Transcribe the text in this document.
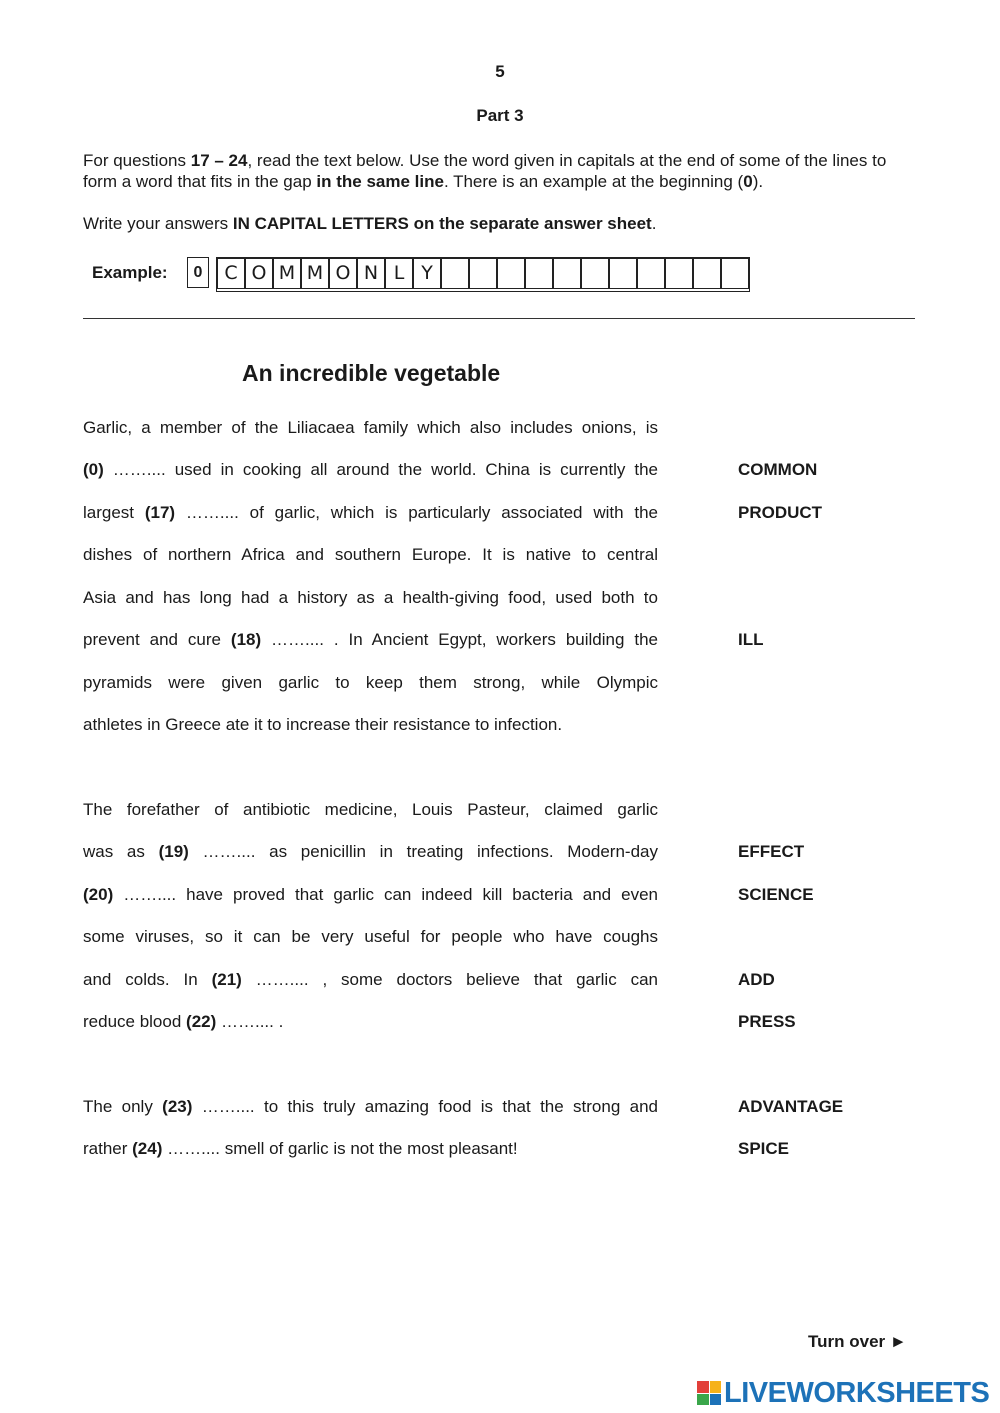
5
Part 3
For questions 17 – 24, read the text below. Use the word given in capitals at the end of some of the lines to form a word that fits in the gap in the same line. There is an example at the beginning (0).
Write your answers IN CAPITAL LETTERS on the separate answer sheet.
Example:	0	C O M M O N L Y
An incredible vegetable
Garlic, a member of the Liliacaea family which also includes onions, is
(0) …….... used in cooking all around the world. China is currently the
largest (17) …….... of garlic, which is particularly associated with the
dishes of northern Africa and southern Europe. It is native to central
Asia and has long had a history as a health-giving food, used both to
prevent and cure (18) …….... . In Ancient Egypt, workers building the
pyramids were given garlic to keep them strong, while Olympic
athletes in Greece ate it to increase their resistance to infection.
The forefather of antibiotic medicine, Louis Pasteur, claimed garlic
was as (19) …….... as penicillin in treating infections. Modern-day
(20) …….... have proved that garlic can indeed kill bacteria and even
some viruses, so it can be very useful for people who have coughs
and colds. In (21) …….... , some doctors believe that garlic can
reduce blood (22) …….... .
The only (23) …….... to this truly amazing food is that the strong and
rather (24) …….... smell of garlic is not the most pleasant!
COMMON
PRODUCT
ILL
EFFECT
SCIENCE
ADD
PRESS
ADVANTAGE
SPICE
Turn over ►
LIVEWORKSHEETS
